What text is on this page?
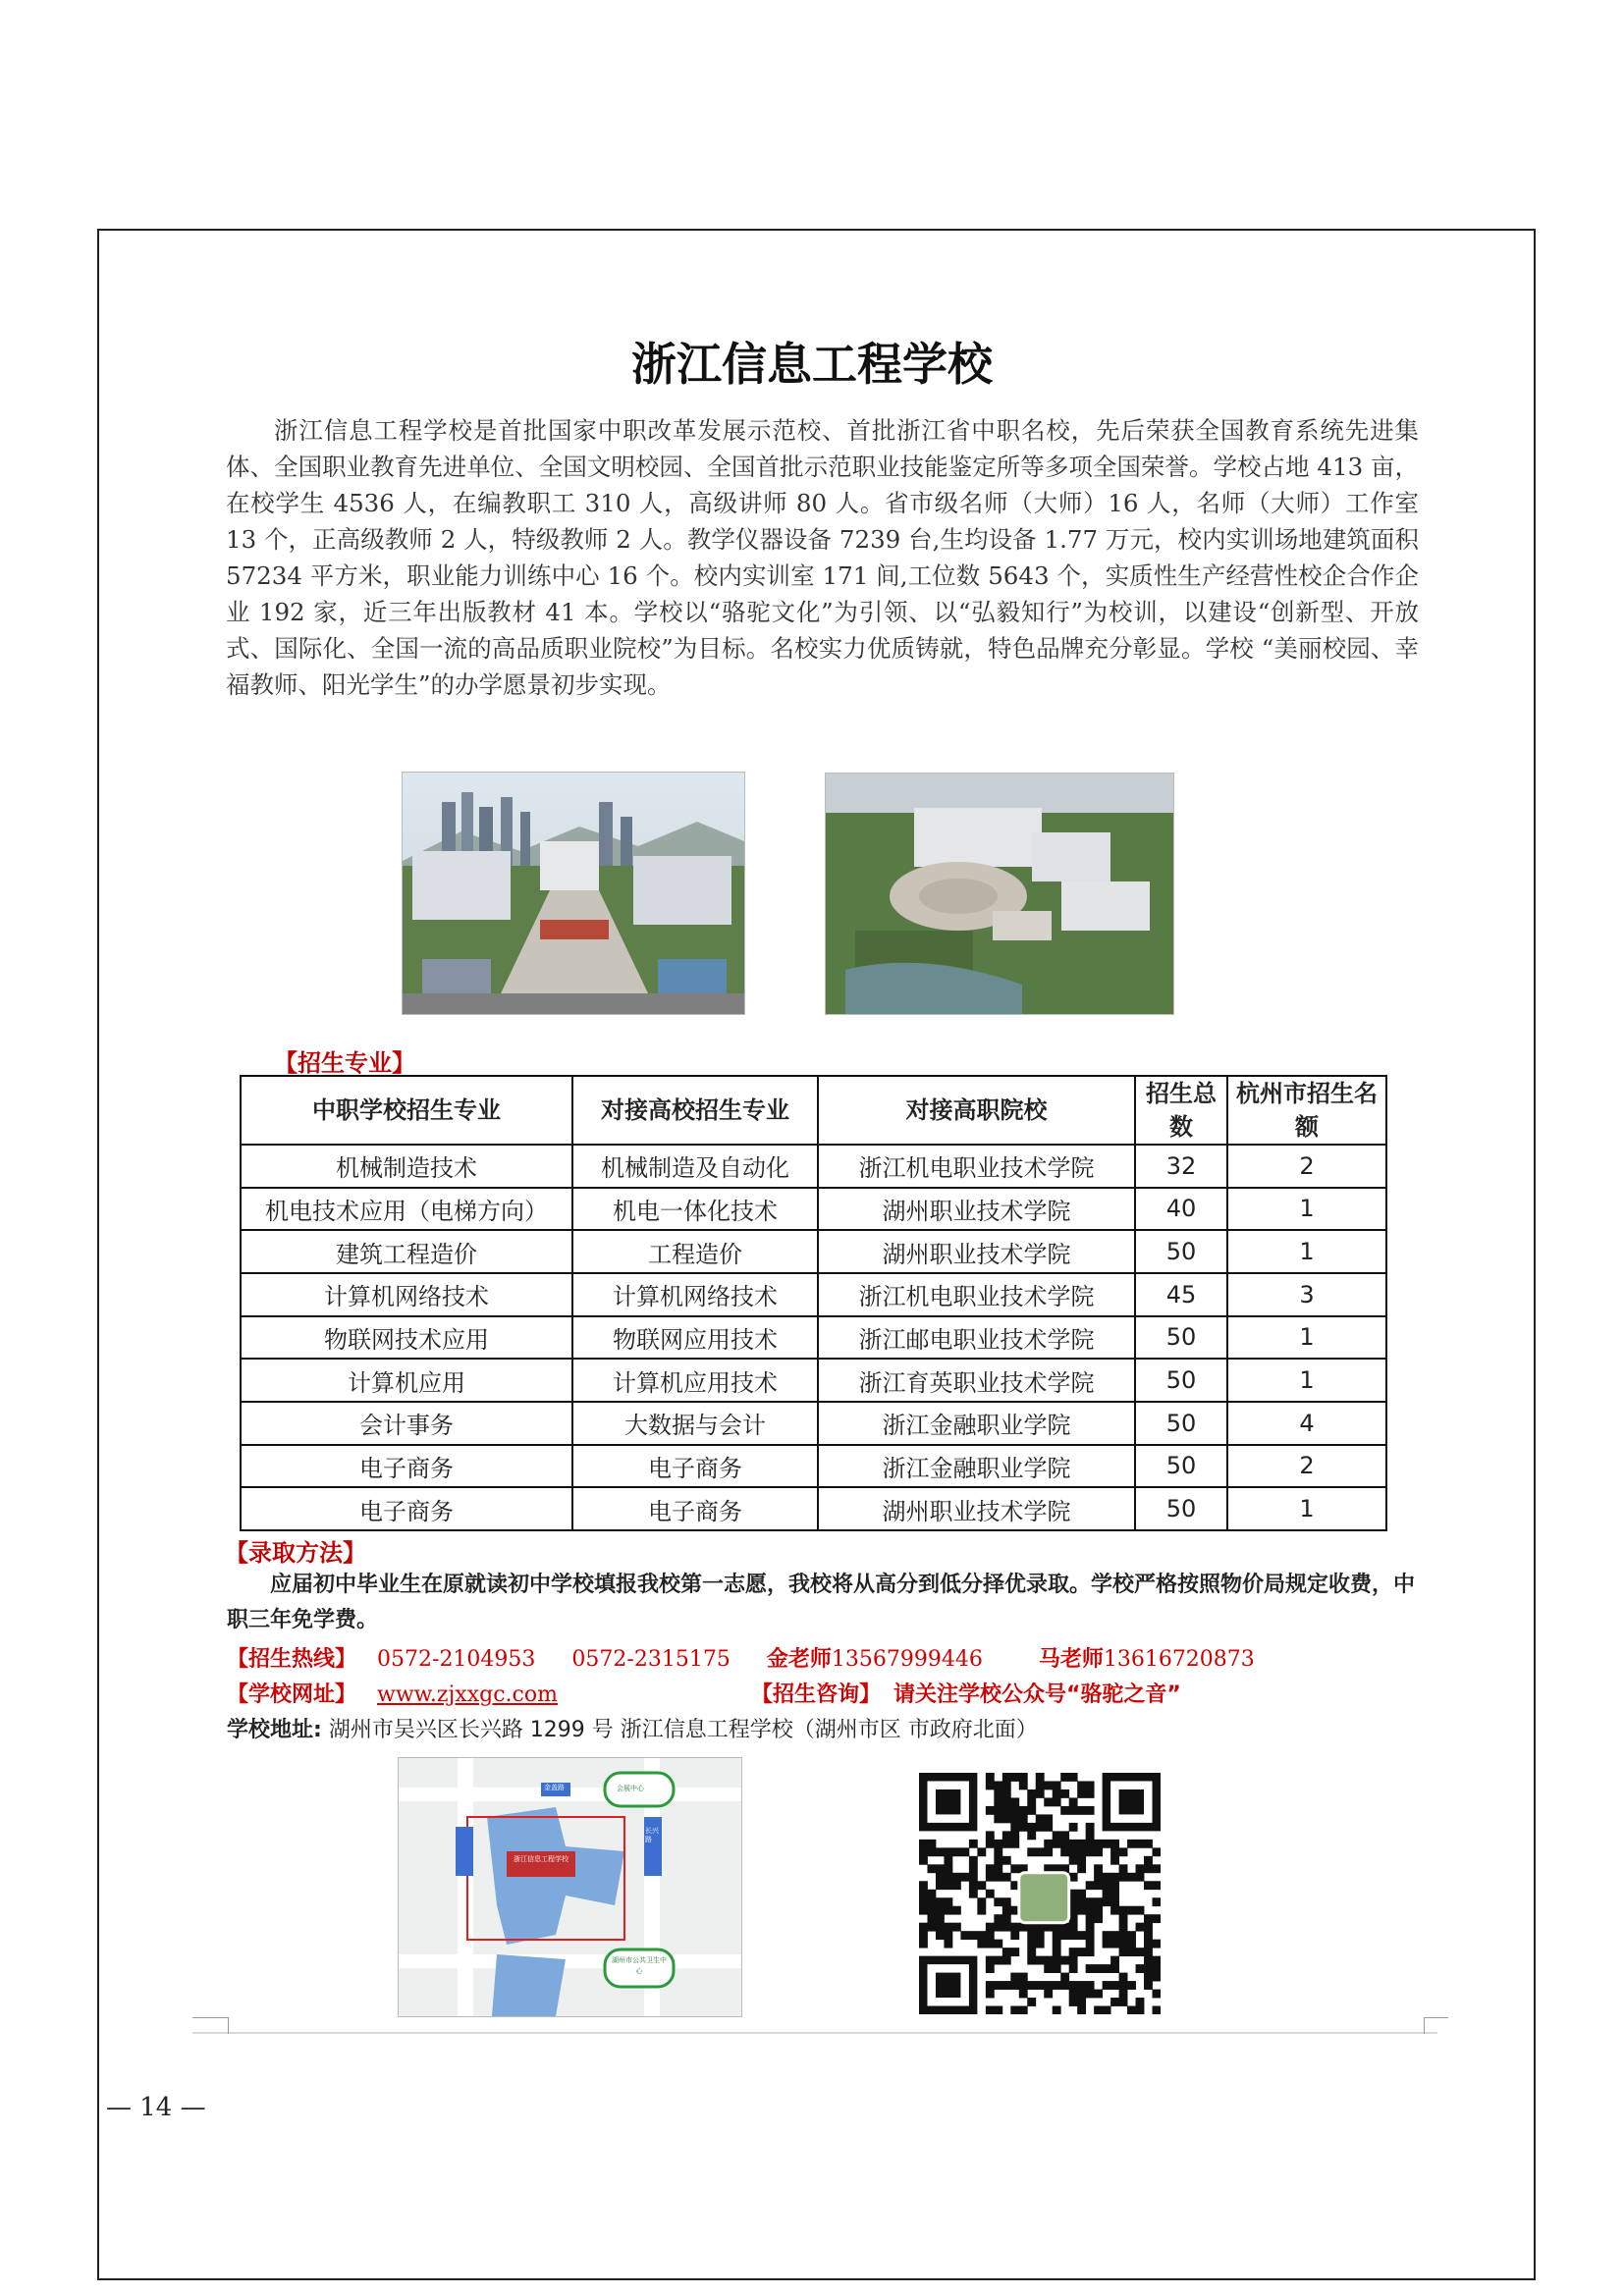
浙江信息工程学校
浙江信息工程学校是首批国家中职改革发展示范校、首批浙江省中职名校，先后荣获全国教育系统先进集体、全国职业教育先进单位、全国文明校园、全国首批示范职业技能鉴定所等多项全国荣誉。学校占地 413 亩，在校学生 4536 人，在编教职工 310 人，高级讲师 80 人。省市级名师（大师）16 人，名师（大师）工作室 13 个，正高级教师 2 人，特级教师 2 人。教学仪器设备 7239 台,生均设备 1.77 万元，校内实训场地建筑面积 57234 平方米，职业能力训练中心 16 个。校内实训室 171 间,工位数 5643 个，实质性生产经营性校企合作企业 192 家，近三年出版教材 41 本。学校以“骆驼文化”为引领、以“弘毅知行”为校训，以建设“创新型、开放式、国际化、全国一流的高品质职业院校”为目标。名校实力优质铸就，特色品牌充分彰显。学校 “美丽校园、幸福教师、阳光学生”的办学愿景初步实现。
【招生专业】
中职学校招生专业	对接高校招生专业	对接高职院校	招生总数	杭州市招生名额
机械制造技术	机械制造及自动化	浙江机电职业技术学院	32	2
机电技术应用（电梯方向）	机电一体化技术	湖州职业技术学院	40	1
建筑工程造价	工程造价	湖州职业技术学院	50	1
计算机网络技术	计算机网络技术	浙江机电职业技术学院	45	3
物联网技术应用	物联网应用技术	浙江邮电职业技术学院	50	1
计算机应用	计算机应用技术	浙江育英职业技术学院	50	1
会计事务	大数据与会计	浙江金融职业学院	50	4
电子商务	电子商务	浙江金融职业学院	50	2
电子商务	电子商务	湖州职业技术学院	50	1
【录取方法】
应届初中毕业生在原就读初中学校填报我校第一志愿，我校将从高分到低分择优录取。学校严格按照物价局规定收费，中职三年免学费。
【招生热线】 0572-2104953 0572-2315175 金老师13567999446	马老师13616720873
【学校网址】 www.zjxxgc.com	【招生咨询】 请关注学校公众号“骆驼之音”
学校地址: 湖州市吴兴区长兴路 1299 号 浙江信息工程学校（湖州市区 市政府北面）
金盖路
长兴路
湖州市公共卫生中心
浙江信息工程学校
会展中心
— 14 —
